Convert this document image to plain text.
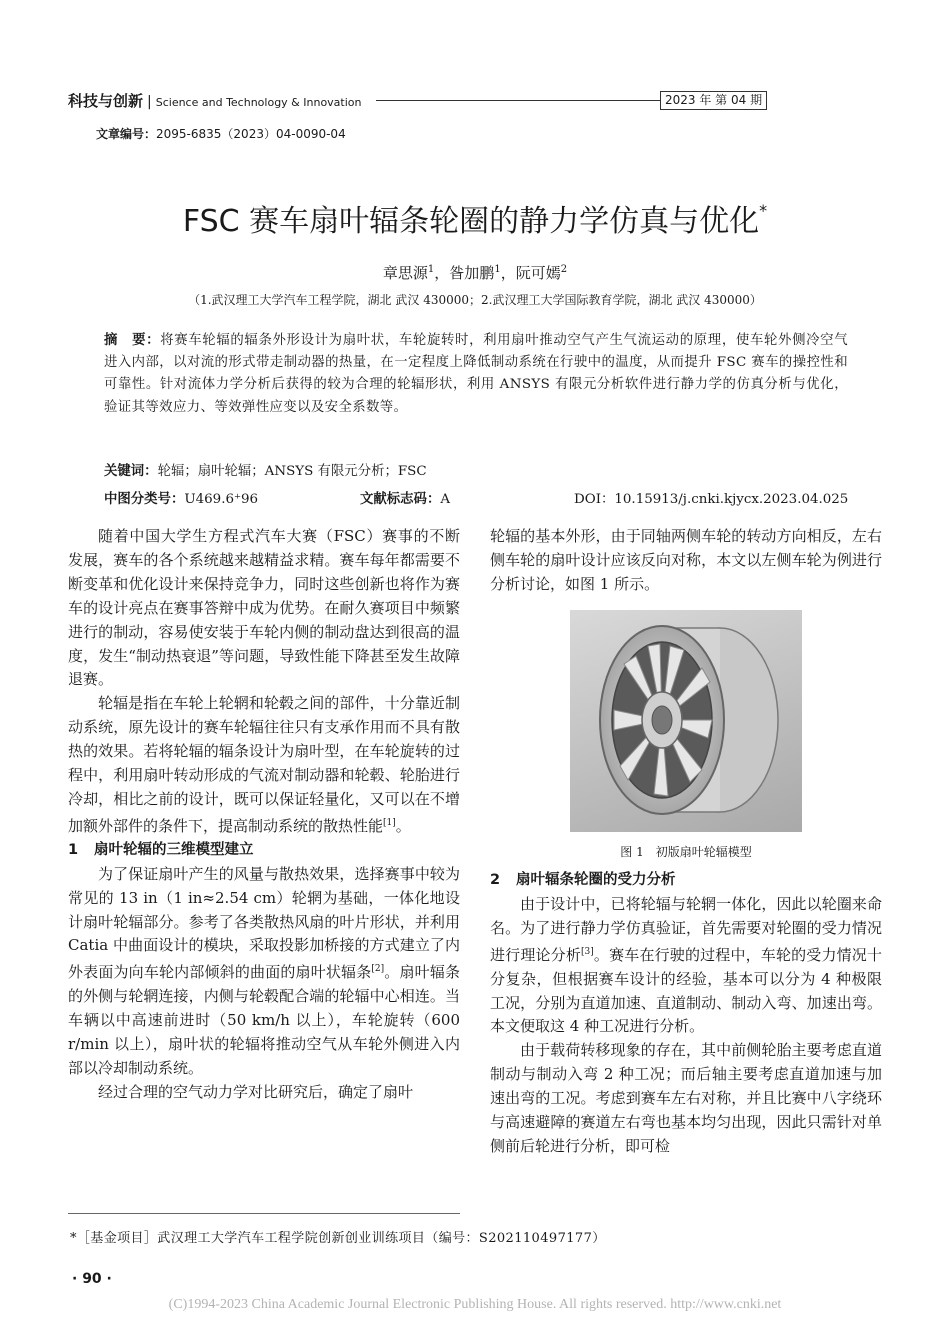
科技与创新 | Science and Technology & Innovation	2023 年 第 04 期
文章编号：2095-6835（2023）04-0090-04
FSC 赛车扇叶辐条轮圈的静力学仿真与优化*
章思源$^1$，昝加鹏$^1$，阮可嫣$^2$
（1.武汉理工大学汽车工程学院，湖北 武汉 430000；2.武汉理工大学国际教育学院，湖北 武汉 430000）
摘　要：将赛车轮辐的辐条外形设计为扇叶状，车轮旋转时，利用扇叶推动空气产生气流运动的原理，使车轮外侧冷空气进入内部，以对流的形式带走制动器的热量，在一定程度上降低制动系统在行驶中的温度，从而提升 FSC 赛车的操控性和可靠性。针对流体力学分析后获得的较为合理的轮辐形状，利用 ANSYS 有限元分析软件进行静力学的仿真分析与优化，验证其等效应力、等效弹性应变以及安全系数等。
关键词：轮辐；扇叶轮辐；ANSYS 有限元分析；FSC
中图分类号：U469.6⁺96	文献标志码：A	DOI：10.15913/j.cnki.kjycx.2023.04.025

随着中国大学生方程式汽车大赛（FSC）赛事的不断发展，赛车的各个系统越来越精益求精。赛车每年都需要不断变革和优化设计来保持竞争力，同时这些创新也将作为赛车的设计亮点在赛事答辩中成为优势。在耐久赛项目中频繁进行的制动，容易使安装于车轮内侧的制动盘达到很高的温度，发生“制动热衰退”等问题，导致性能下降甚至发生故障退赛。

轮辐是指在车轮上轮辋和轮毂之间的部件，十分靠近制动系统，原先设计的赛车轮辐往往只有支承作用而不具有散热的效果。若将轮辐的辐条设计为扇叶型，在车轮旋转的过程中，利用扇叶转动形成的气流对制动器和轮毂、轮胎进行冷却，相比之前的设计，既可以保证轻量化，又可以在不增加额外部件的条件下，提高制动系统的散热性能[1]。

1 扇叶轮辐的三维模型建立

为了保证扇叶产生的风量与散热效果，选择赛事中较为常见的 13 in（1 in≈2.54 cm）轮辋为基础，一体化地设计扇叶轮辐部分。参考了各类散热风扇的叶片形状，并利用 Catia 中曲面设计的模块，采取投影加桥接的方式建立了内外表面为向车轮内部倾斜的曲面的扇叶状辐条[2]。扇叶辐条的外侧与轮辋连接，内侧与轮毂配合端的轮辐中心相连。当车辆以中高速前进时（50 km/h 以上），车轮旋转（600 r/min 以上），扇叶状的轮辐将推动空气从车轮外侧进入内部以冷却制动系统。

经过合理的空气动力学对比研究后，确定了扇叶

轮辐的基本外形，由于同轴两侧车轮的转动方向相反，左右侧车轮的扇叶设计应该反向对称，本文以左侧车轮为例进行分析讨论，如图 1 所示。

图 1　初版扇叶轮辐模型
2 扇叶辐条轮圈的受力分析

由于设计中，已将轮辐与轮辋一体化，因此以轮圈来命名。为了进行静力学仿真验证，首先需要对轮圈的受力情况进行理论分析[3]。赛车在行驶的过程中，车轮的受力情况十分复杂，但根据赛车设计的经验，基本可以分为 4 种极限工况，分别为直道加速、直道制动、制动入弯、加速出弯。本文便取这 4 种工况进行分析。

由于载荷转移现象的存在，其中前侧轮胎主要考虑直道制动与制动入弯 2 种工况；而后轴主要考虑直道加速与加速出弯的工况。考虑到赛车左右对称，并且比赛中八字绕环与高速避障的赛道左右弯也基本均匀出现，因此只需针对单侧前后轮进行分析，即可检

*［基金项目］武汉理工大学汽车工程学院创新创业训练项目（编号：S202110497177）
· 90 ·
(C)1994-2023 China Academic Journal Electronic Publishing House. All rights reserved. http://www.cnki.net
